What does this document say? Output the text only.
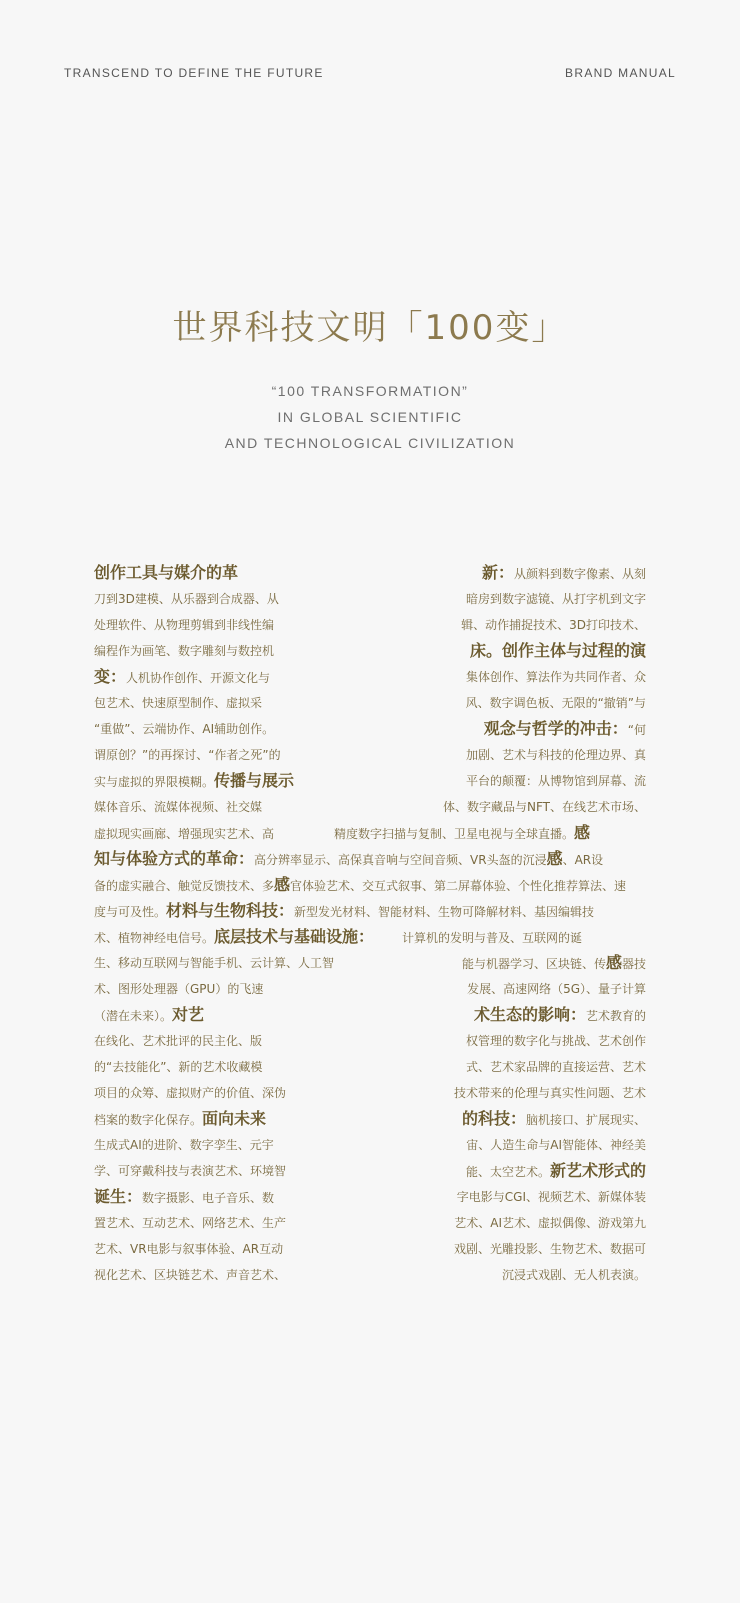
TRANSCEND TO DEFINE THE FUTURE	BRAND MANUAL
世界科技文明「100变」
“100 TRANSFORMATION”
IN GLOBAL SCIENTIFIC
AND TECHNOLOGICAL CIVILIZATION
创作工具与媒介的革	新：从颜料到数字像素、从刻
刀到3D建模、从乐器到合成器、从	暗房到数字滤镜、从打字机到文字
处理软件、从物理剪辑到非线性编	辑、动作捕捉技术、3D打印技术、
编程作为画笔、数字雕刻与数控机	床。创作主体与过程的演
变：人机协作创作、开源文化与	集体创作、算法作为共同作者、众
包艺术、快速原型制作、虚拟采	风、数字调色板、无限的“撤销”与
“重做”、云端协作、AI辅助创作。	观念与哲学的冲击：“何
谓原创？”的再探讨、“作者之死”的	加剧、艺术与科技的伦理边界、真
实与虚拟的界限模糊。传播与展示	平台的颠覆：从博物馆到屏幕、流
媒体音乐、流媒体视频、社交媒	体、数字藏品与NFT、在线艺术市场、
虚拟现实画廊、增强现实艺术、高　　　　　精度数字扫描与复制、卫星电视与全球直播。感
知与体验方式的革命：高分辨率显示、高保真音响与空间音频、VR头盔的沉浸感、AR设
备的虚实融合、触觉反馈技术、多感官体验艺术、交互式叙事、第二屏幕体验、个性化推荐算法、速
度与可及性。材料与生物科技：新型发光材料、智能材料、生物可降解材料、基因编辑技
术、植物神经电信号。底层技术与基础设施：　　　计算机的发明与普及、互联网的诞
生、移动互联网与智能手机、云计算、人工智	能与机器学习、区块链、传感器技
术、图形处理器（GPU）的飞速	发展、高速网络（5G）、量子计算
（潜在未来）。对艺	术生态的影响：艺术教育的
在线化、艺术批评的民主化、版	权管理的数字化与挑战、艺术创作
的“去技能化”、新的艺术收藏模	式、艺术家品牌的直接运营、艺术
项目的众筹、虚拟财产的价值、深伪	技术带来的伦理与真实性问题、艺术
档案的数字化保存。面向未来	的科技：脑机接口、扩展现实、
生成式AI的进阶、数字孪生、元宇	宙、人造生命与AI智能体、神经美
学、可穿戴科技与表演艺术、环境智	能、太空艺术。新艺术形式的
诞生：数字摄影、电子音乐、数	字电影与CGI、视频艺术、新媒体装
置艺术、互动艺术、网络艺术、生产	艺术、AI艺术、虚拟偶像、游戏第九
艺术、VR电影与叙事体验、AR互动	戏剧、光雕投影、生物艺术、数据可
视化艺术、区块链艺术、声音艺术、	沉浸式戏剧、无人机表演。
